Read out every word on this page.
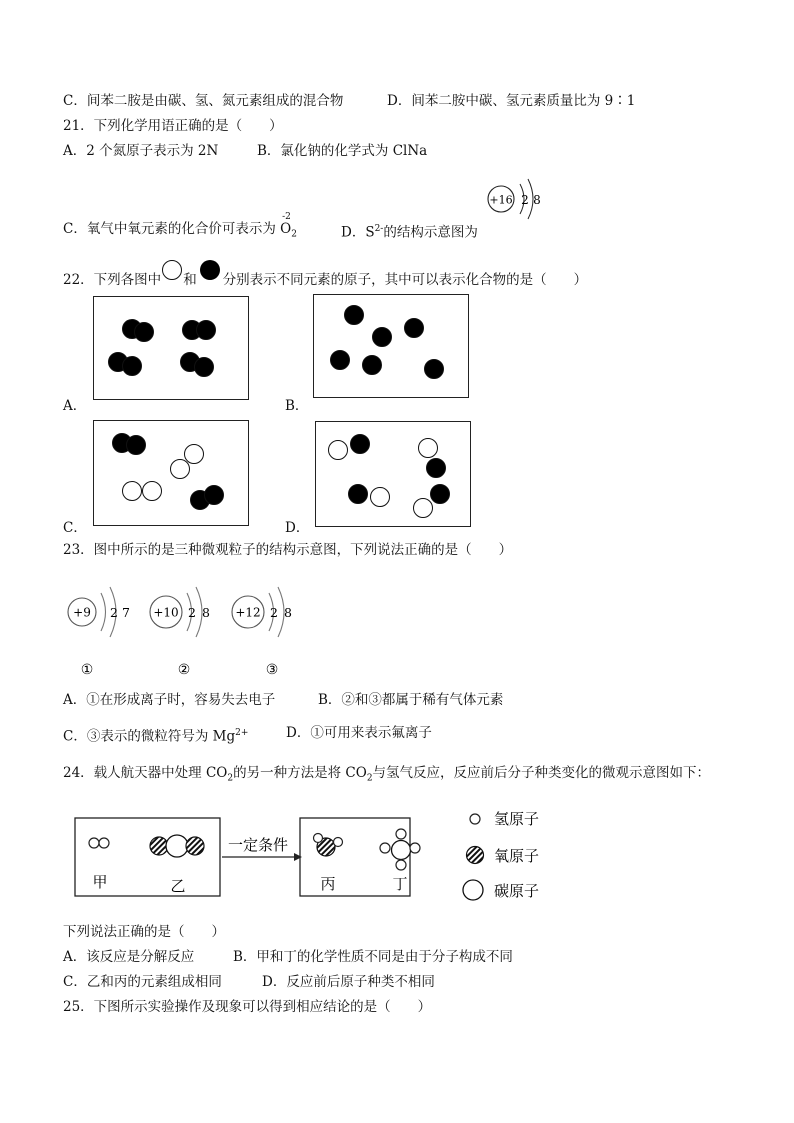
C．间苯二胺是由碳、氢、氮元素组成的混合物	D．间苯二胺中碳、氢元素质量比为 9∶1
21．下列化学用语正确的是（　　）
A．2 个氮原子表示为 2N	B．氯化钠的化学式为 ClNa
C．氧气中氧元素的化合价可表示为
-2
$O_2$	D．$S^{2-}$的结构示意图为
+16 2 8
22．下列各图中 和 分别表示不同元素的原子，其中可以表示化合物的是（　　）
A．	B．
C．	D．
23．图中所示的是三种微观粒子的结构示意图，下列说法正确的是（　　）
+9 2 7
①
+10 2 8
②
+12 2 8
③
A．①在形成离子时，容易失去电子	B．②和③都属于稀有气体元素
C．③表示的微粒符号为 $Mg^{2+}$	D．①可用来表示氟离子
24．载人航天器中处理 $CO_2$的另一种方法是将 $CO_2$与氢气反应，反应前后分子种类变化的微观示意图如下：
甲	乙
一定条件
丙	丁
氢原子
氧原子
碳原子
下列说法正确的是（　　）
A．该反应是分解反应	B．甲和丁的化学性质不同是由于分子构成不同
C．乙和丙的元素组成相同	D．反应前后原子种类不相同
25．下图所示实验操作及现象可以得到相应结论的是（　　）
